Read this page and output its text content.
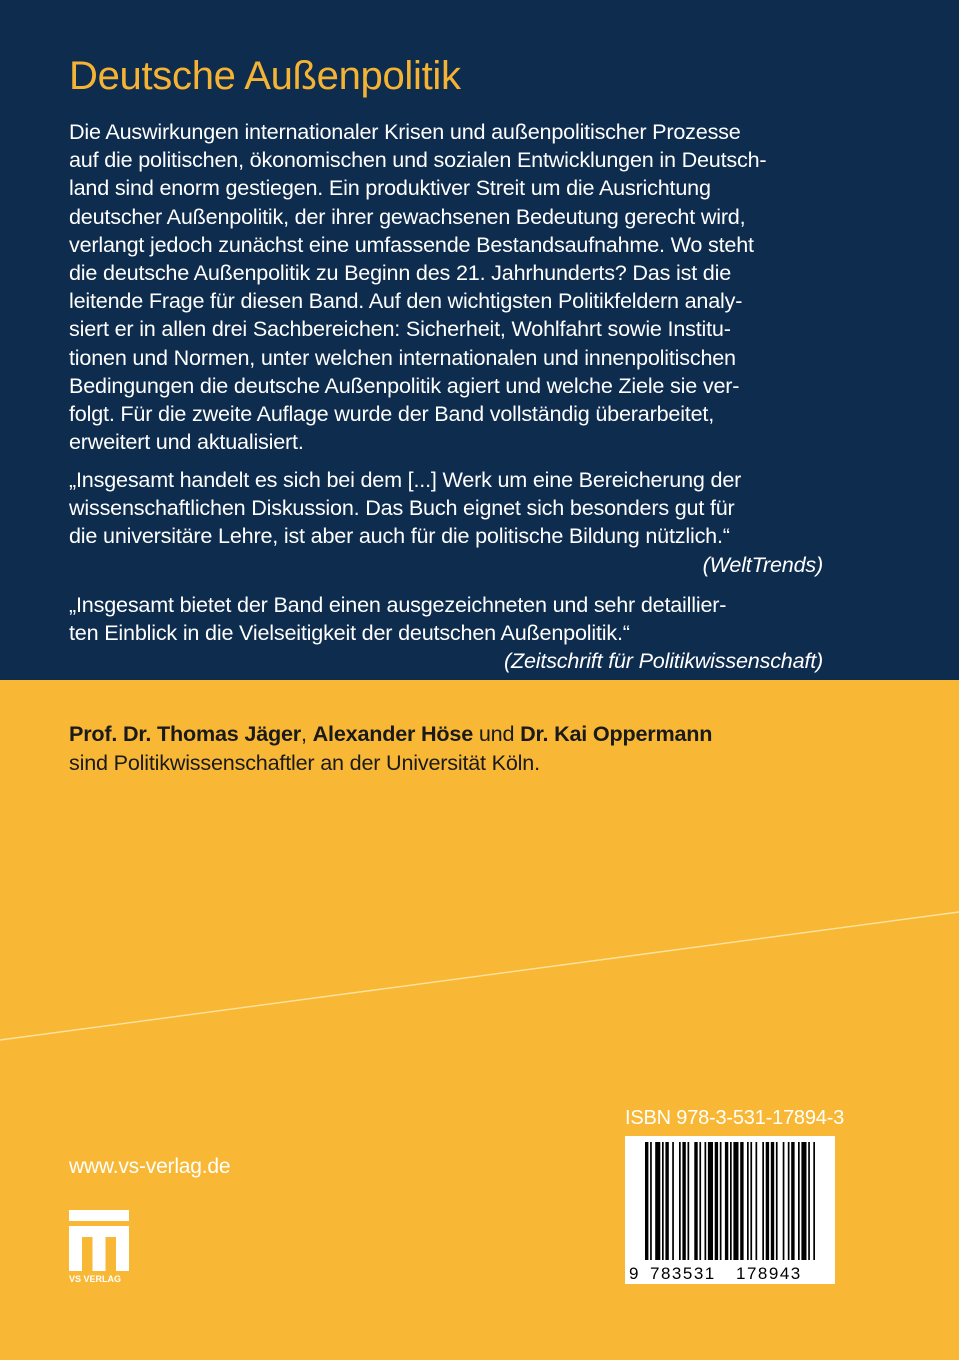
Deutsche Außenpolitik
Die Auswirkungen internationaler Krisen und außenpolitischer Prozesse
auf die politischen, ökonomischen und sozialen Entwicklungen in Deutsch-
land sind enorm gestiegen. Ein produktiver Streit um die Ausrichtung
deutscher Außenpolitik, der ihrer gewachsenen Bedeutung gerecht wird,
verlangt jedoch zunächst eine umfassende Bestandsaufnahme. Wo steht
die deutsche Außenpolitik zu Beginn des 21. Jahrhunderts? Das ist die
leitende Frage für diesen Band. Auf den wichtigsten Politikfeldern analy-
siert er in allen drei Sachbereichen: Sicherheit, Wohlfahrt sowie Institu-
tionen und Normen, unter welchen internationalen und innenpolitischen
Bedingungen die deutsche Außenpolitik agiert und welche Ziele sie ver-
folgt. Für die zweite Auflage wurde der Band vollständig überarbeitet,
erweitert und aktualisiert.
„Insgesamt handelt es sich bei dem [...] Werk um eine Bereicherung der
wissenschaftlichen Diskussion. Das Buch eignet sich besonders gut für
die universitäre Lehre, ist aber auch für die politische Bildung nützlich.“
(WeltTrends)
„Insgesamt bietet der Band einen ausgezeichneten und sehr detaillier-
ten Einblick in die Vielseitigkeit der deutschen Außenpolitik.“
(Zeitschrift für Politikwissenschaft)
Prof. Dr. Thomas Jäger, Alexander Höse und Dr. Kai Oppermann
sind Politikwissenschaftler an der Universität Köln.
www.vs-verlag.de
VS VERLAG
ISBN 978-3-531-17894-3
9 783531 178943
